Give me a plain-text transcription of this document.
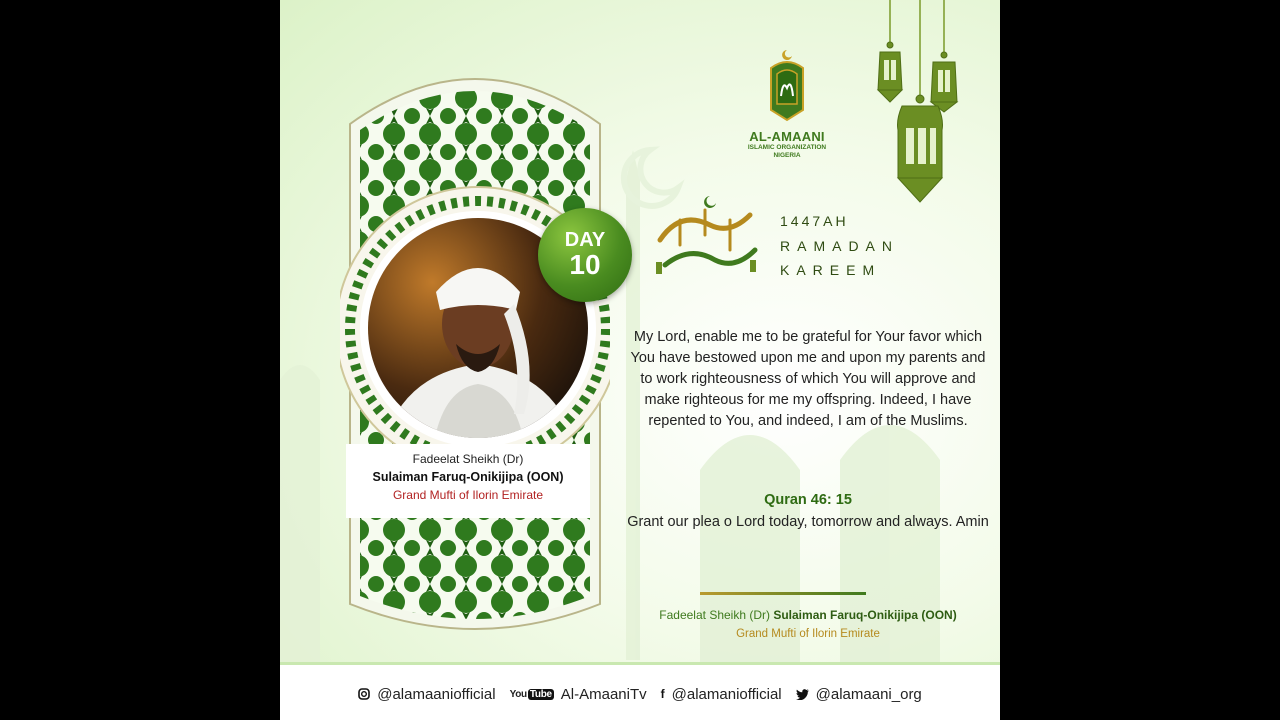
AL-AMAANI
ISLAMIC ORGANIZATION
NIGERIA
1447AH
RAMADAN
KAREEM
Fadeelat Sheikh (Dr)
Sulaiman Faruq-Onikijipa (OON)
Grand Mufti of Ilorin Emirate
DAY
10
My Lord, enable me to be grateful for Your favor which You have bestowed upon me and upon my parents and to work righteousness of which You will approve and make righteous for me my offspring. Indeed, I have repented to You, and indeed, I am of the Muslims.
Quran 46: 15
Grant our plea o Lord today, tomorrow and always. Amin
Fadeelat Sheikh (Dr) Sulaiman Faruq-Onikijipa (OON)
Grand Mufti of Ilorin Emirate
@alamaaniofficial You Tube Al-AmaaniTv f @alamaniofficial @alamaani_org
